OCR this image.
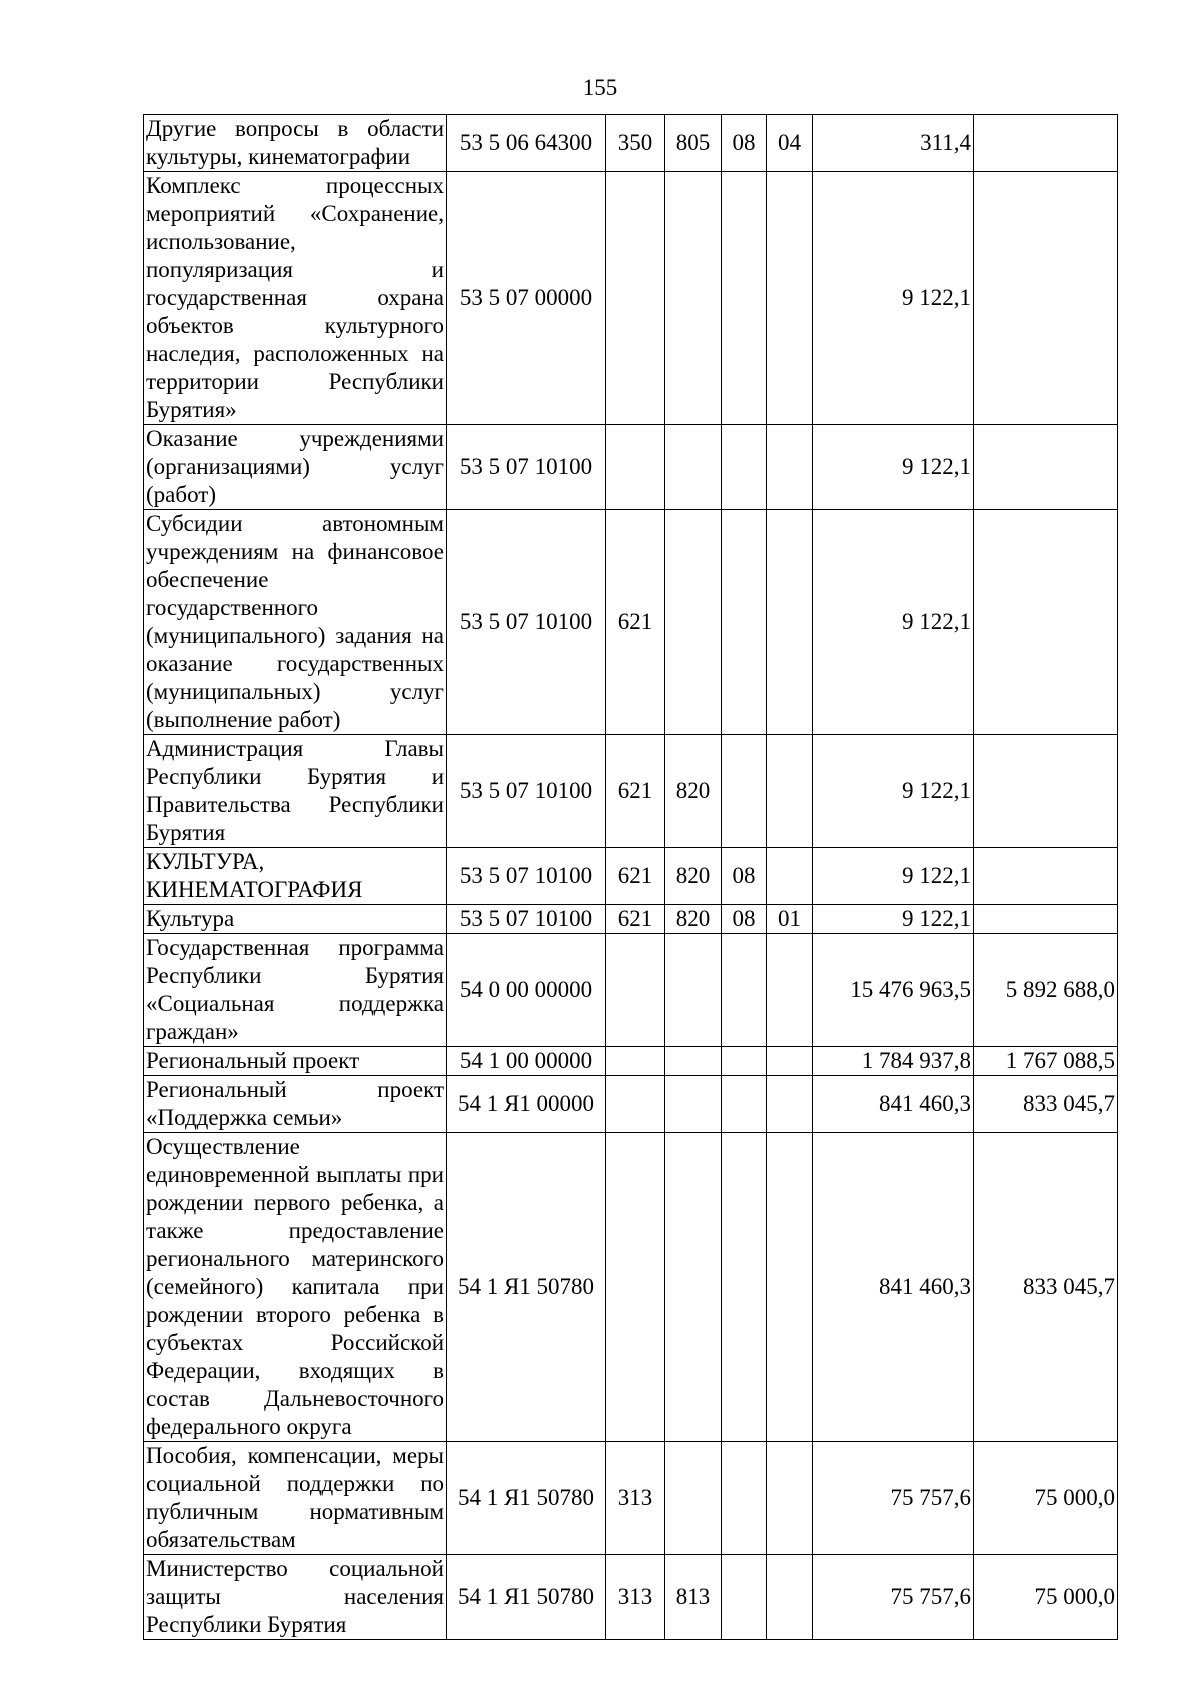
155
Другие вопросы в области культуры, кинематографии	53 5 06 64300	350	805	08	04	311,4	
Комплекс процессных мероприятий «Сохранение, использование, популяризация и государственная охрана объектов культурного наследия, расположенных на территории Республики Бурятия»	53 5 07 00000					9 122,1	
Оказание учреждениями (организациями) услуг (работ)	53 5 07 10100					9 122,1	
Субсидии автономным учреждениям на финансовое обеспечение государственного (муниципального) задания на оказание государственных (муниципальных) услуг (выполнение работ)	53 5 07 10100	621				9 122,1	
Администрация Главы Республики Бурятия и Правительства Республики Бурятия	53 5 07 10100	621	820			9 122,1	
КУЛЬТУРА, КИНЕМАТОГРАФИЯ	53 5 07 10100	621	820	08		9 122,1	
Культура	53 5 07 10100	621	820	08	01	9 122,1	
Государственная программа Республики Бурятия «Социальная поддержка граждан»	54 0 00 00000					15 476 963,5	5 892 688,0
Региональный проект	54 1 00 00000					1 784 937,8	1 767 088,5
Региональный проект «Поддержка семьи»	54 1 Я1 00000					841 460,3	833 045,7
Осуществление единовременной выплаты при рождении первого ребенка, а также предоставление регионального материнского (семейного) капитала при рождении второго ребенка в субъектах Российской Федерации, входящих в состав Дальневосточного федерального округа	54 1 Я1 50780					841 460,3	833 045,7
Пособия, компенсации, меры социальной поддержки по публичным нормативным обязательствам	54 1 Я1 50780	313				75 757,6	75 000,0
Министерство социальной защиты населения Республики Бурятия	54 1 Я1 50780	313	813			75 757,6	75 000,0
